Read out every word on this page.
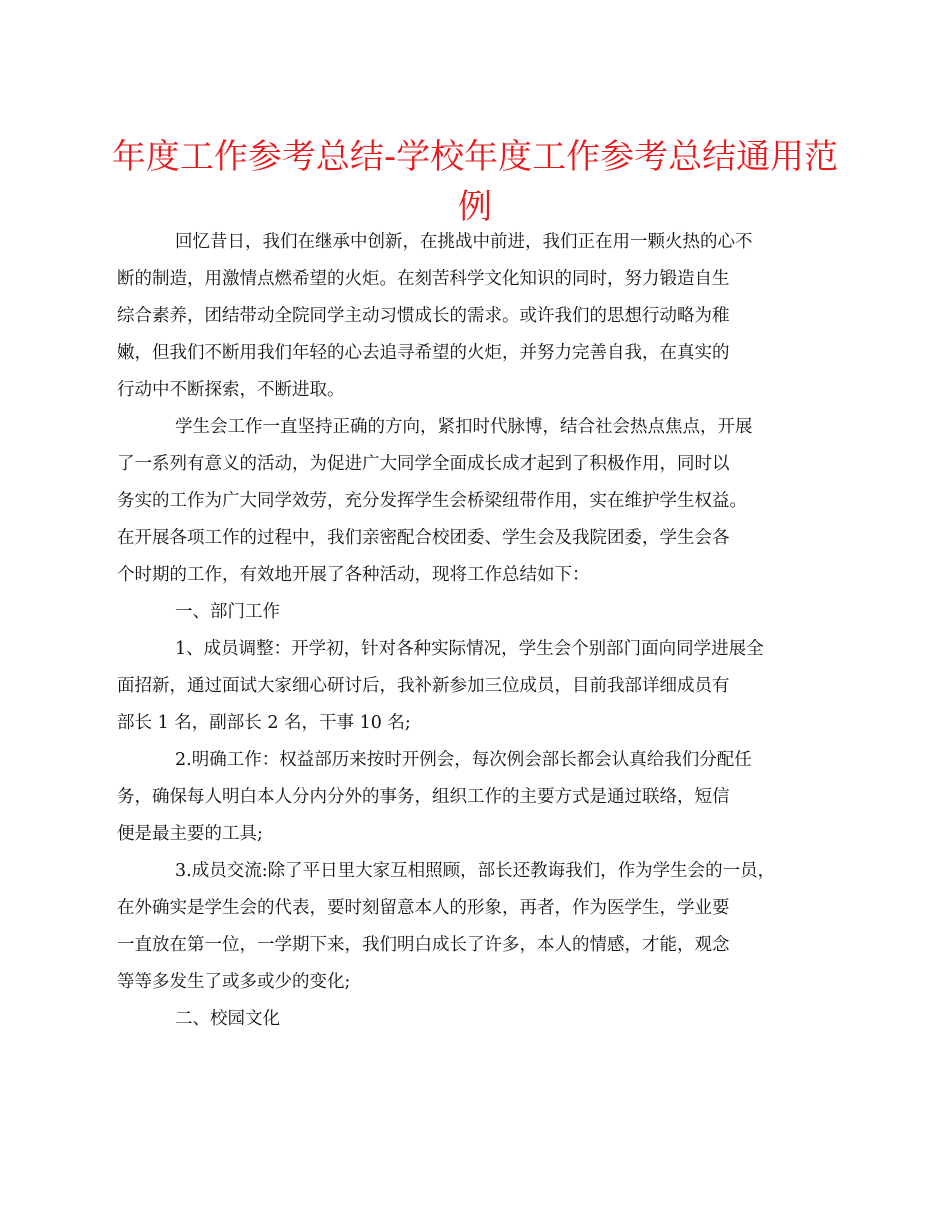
年度工作参考总结-学校年度工作参考总结通用范
例
回忆昔日，我们在继承中创新，在挑战中前进，我们正在用一颗火热的心不
断的制造，用激情点燃希望的火炬。在刻苦科学文化知识的同时，努力锻造自生
综合素养，团结带动全院同学主动习惯成长的需求。或许我们的思想行动略为稚
嫩，但我们不断用我们年轻的心去追寻希望的火炬，并努力完善自我，在真实的
行动中不断探索，不断进取。
学生会工作一直坚持正确的方向，紧扣时代脉博，结合社会热点焦点，开展
了一系列有意义的活动，为促进广大同学全面成长成才起到了积极作用，同时以
务实的工作为广大同学效劳，充分发挥学生会桥梁纽带作用，实在维护学生权益。
在开展各项工作的过程中，我们亲密配合校团委、学生会及我院团委，学生会各
个时期的工作，有效地开展了各种活动，现将工作总结如下：
一、部门工作
1、成员调整：开学初，针对各种实际情况，学生会个别部门面向同学进展全
面招新，通过面试大家细心研讨后，我补新参加三位成员，目前我部详细成员有
部长 1 名，副部长 2 名，干事 10 名;
2.明确工作：权益部历来按时开例会，每次例会部长都会认真给我们分配任
务，确保每人明白本人分内分外的事务，组织工作的主要方式是通过联络，短信
便是最主要的工具;
3.成员交流:除了平日里大家互相照顾，部长还教诲我们，作为学生会的一员，
在外确实是学生会的代表，要时刻留意本人的形象，再者，作为医学生，学业要
一直放在第一位，一学期下来，我们明白成长了许多，本人的情感，才能，观念
等等多发生了或多或少的变化;
二、校园文化
